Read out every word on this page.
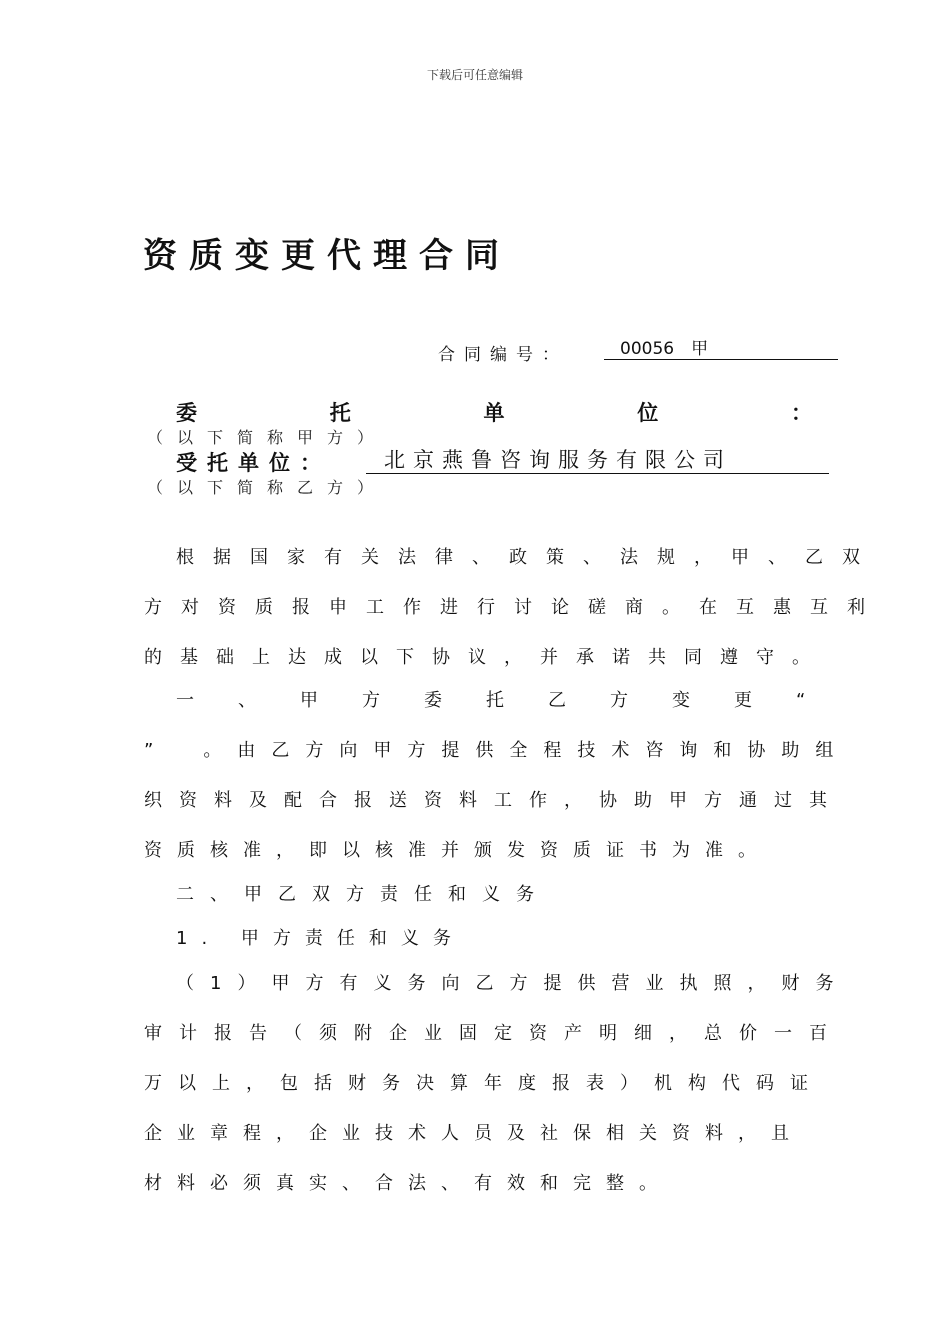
下载后可任意编辑
资质变更代理合同
合同编号：	00056　甲
委	托	单	位	：
（以下简称甲方）
受托单位：	北京燕鲁咨询服务有限公司
（以下简称乙方）
根据国家有关法律、政策、法规，甲、乙双
方对资质报申工作进行讨论磋商。在互惠互利
的基础上达成以下协议，并承诺共同遵守。
一、甲方委托乙方变更“
”　。由乙方向甲方提供全程技术咨询和协助组
织资料及配合报送资料工作，协助甲方通过其
资质核准，即以核准并颁发资质证书为准。
二、甲乙双方责任和义务
1. 甲方责任和义务
（1）甲方有义务向乙方提供营业执照，财务
审计报告（须附企业固定资产明细，总价一百
万以上，包括财务决算年度报表）机构代码证
企业章程，企业技术人员及社保相关资料，且
材料必须真实、合法、有效和完整。
